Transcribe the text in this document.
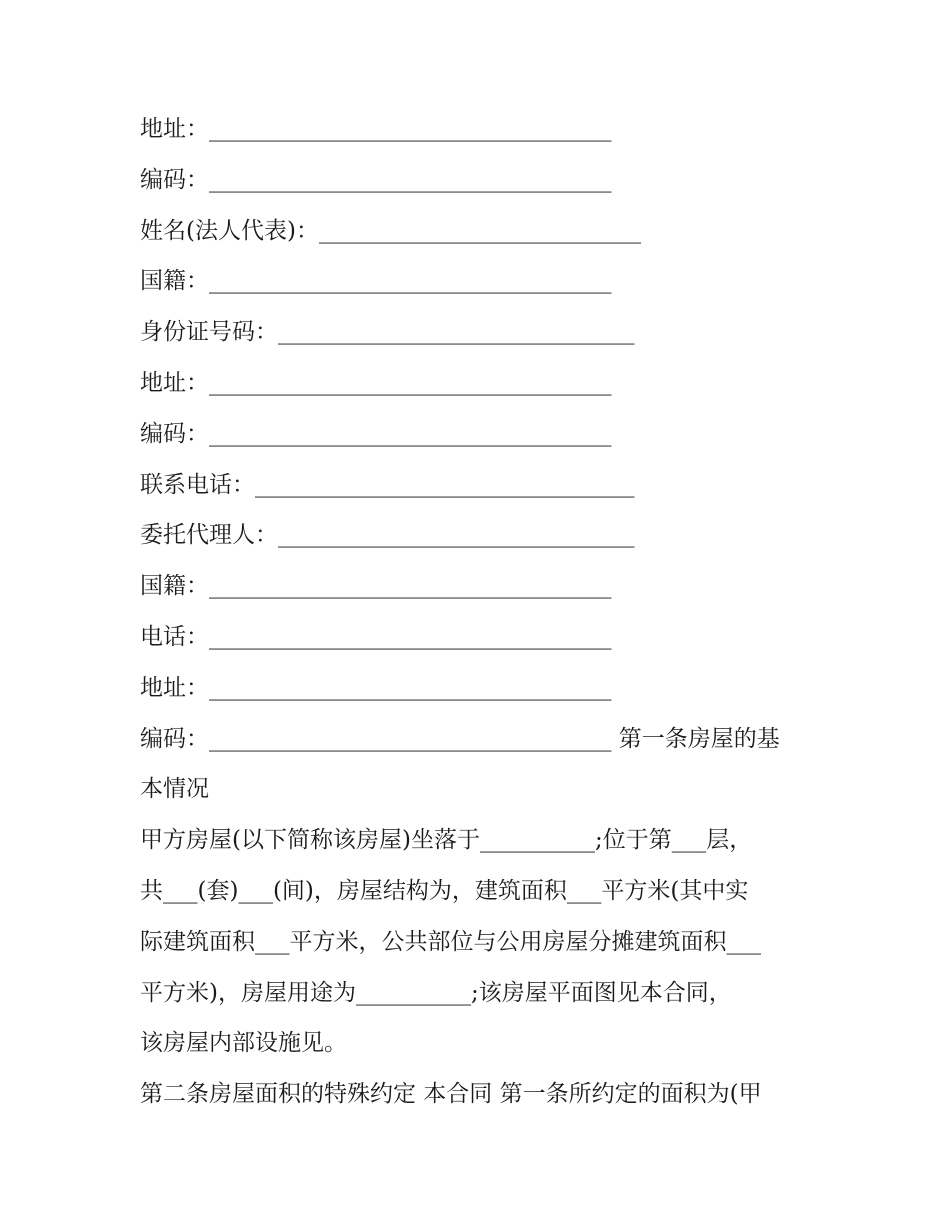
地址：___________________________________
编码：___________________________________
姓名(法人代表)：____________________________
国籍：___________________________________
身份证号码：_______________________________
地址：___________________________________
编码：___________________________________
联系电话：_________________________________
委托代理人：_______________________________
国籍：___________________________________
电话：___________________________________
地址：___________________________________
编码：___________________________________ 第一条房屋的基
本情况
甲方房屋(以下简称该房屋)坐落于__________;位于第___层，
共___(套)___(间)，房屋结构为，建筑面积___平方米(其中实
际建筑面积___平方米，公共部位与公用房屋分摊建筑面积___
平方米)，房屋用途为__________;该房屋平面图见本合同，
该房屋内部设施见。
第二条房屋面积的特殊约定 本合同 第一条所约定的面积为(甲
